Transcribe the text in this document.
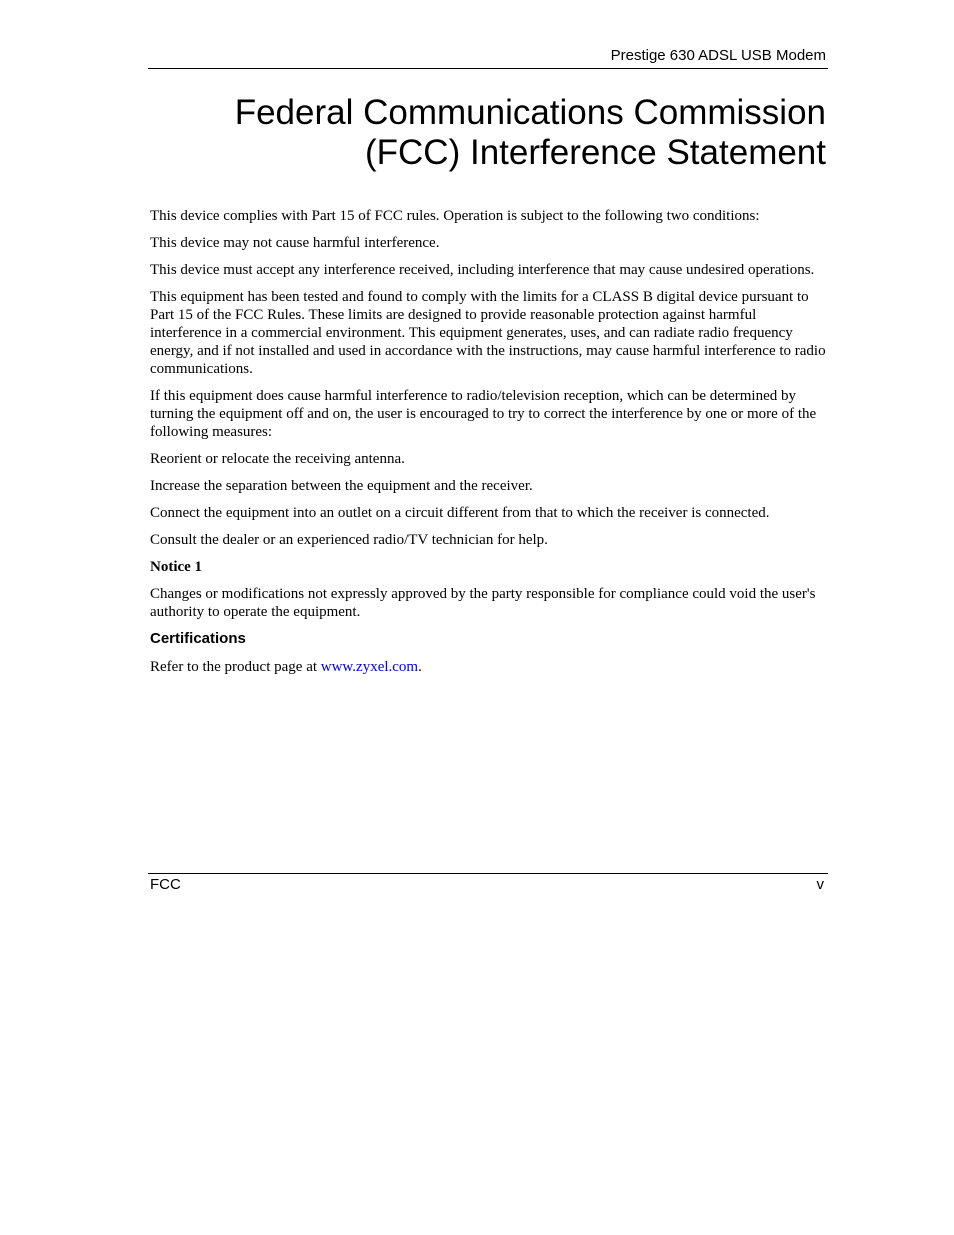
Prestige 630 ADSL USB Modem
Federal Communications Commission
(FCC) Interference Statement

This device complies with Part 15 of FCC rules. Operation is subject to the following two conditions:

This device may not cause harmful interference.

This device must accept any interference received, including interference that may cause undesired operations.

This equipment has been tested and found to comply with the limits for a CLASS B digital device pursuant to Part 15 of the FCC Rules. These limits are designed to provide reasonable protection against harmful interference in a commercial environment. This equipment generates, uses, and can radiate radio frequency energy, and if not installed and used in accordance with the instructions, may cause harmful interference to radio communications.

If this equipment does cause harmful interference to radio/television reception, which can be determined by turning the equipment off and on, the user is encouraged to try to correct the interference by one or more of the following measures:

Reorient or relocate the receiving antenna.

Increase the separation between the equipment and the receiver.

Connect the equipment into an outlet on a circuit different from that to which the receiver is connected.

Consult the dealer or an experienced radio/TV technician for help.

Notice 1

Changes or modifications not expressly approved by the party responsible for compliance could void the user's authority to operate the equipment.

Certifications

Refer to the product page at www.zyxel.com.

FCC	v
